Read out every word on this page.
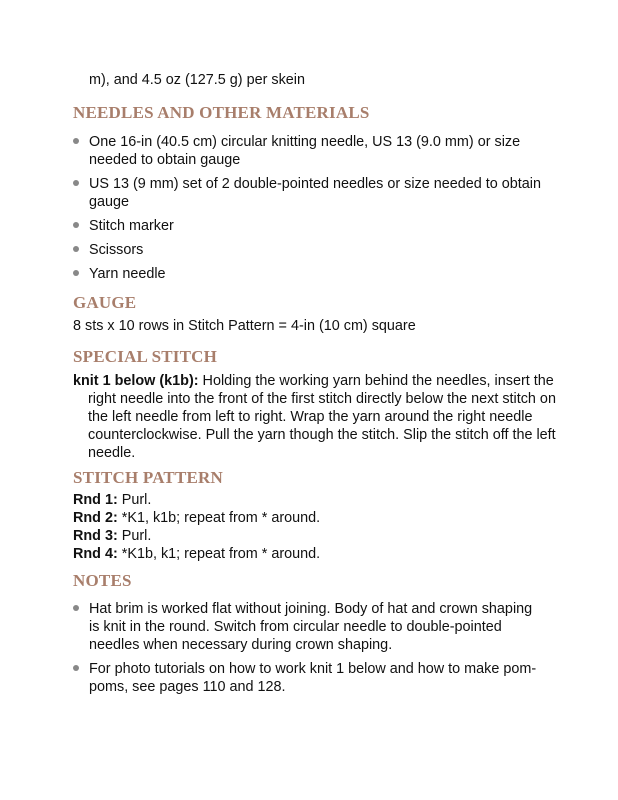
m), and 4.5 oz (127.5 g) per skein
NEEDLES AND OTHER MATERIALS
One 16-in (40.5 cm) circular knitting needle, US 13 (9.0 mm) or size needed to obtain gauge
US 13 (9 mm) set of 2 double-pointed needles or size needed to obtain gauge
Stitch marker
Scissors
Yarn needle
GAUGE
8 sts x 10 rows in Stitch Pattern = 4-in (10 cm) square
SPECIAL STITCH
knit 1 below (k1b): Holding the working yarn behind the needles, insert the right needle into the front of the first stitch directly below the next stitch on the left needle from left to right. Wrap the yarn around the right needle counterclockwise. Pull the yarn though the stitch. Slip the stitch off the left needle.
STITCH PATTERN
Rnd 1: Purl.
Rnd 2: *K1, k1b; repeat from * around.
Rnd 3: Purl.
Rnd 4: *K1b, k1; repeat from * around.
NOTES
Hat brim is worked flat without joining. Body of hat and crown shaping is knit in the round. Switch from circular needle to double-pointed needles when necessary during crown shaping.
For photo tutorials on how to work knit 1 below and how to make pom-poms, see pages 110 and 128.
